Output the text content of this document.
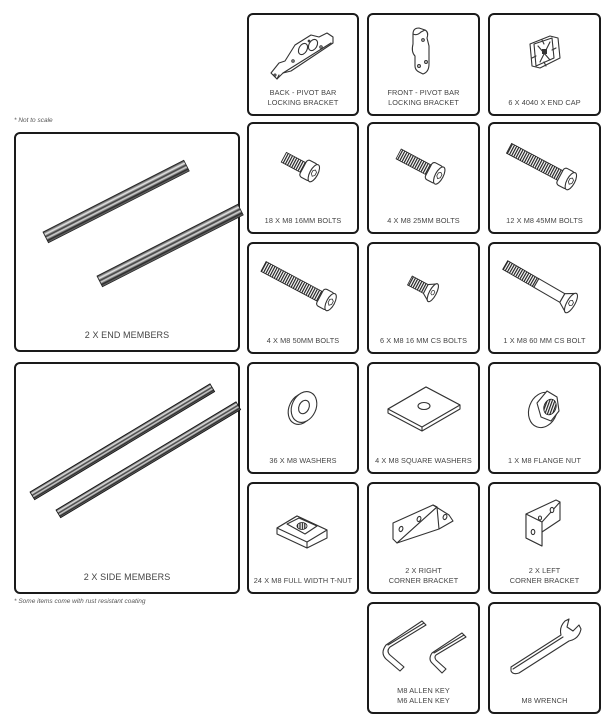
* Not to scale
BACK - PIVOT BAR
LOCKING BRACKET
FRONT - PIVOT BAR
LOCKING BRACKET	6 X 4040 X END CAP
2 X END MEMBERS
18 X M8 16MM BOLTS	4 X M8 25MM BOLTS	12 X M8 45MM BOLTS
4 X M8 50MM BOLTS	6 X M8 16 MM CS BOLTS	1 X M8 60 MM CS BOLT
2 X SIDE MEMBERS
* Some items come with rust resistant coating
36 X M8 WASHERS	4 X M8 SQUARE WASHERS	1 X M8 FLANGE NUT
24 X M8 FULL WIDTH T-NUT
2 X RIGHT
CORNER BRACKET
2 X LEFT
CORNER BRACKET
M8 ALLEN KEY
M6 ALLEN KEY	M8 WRENCH
